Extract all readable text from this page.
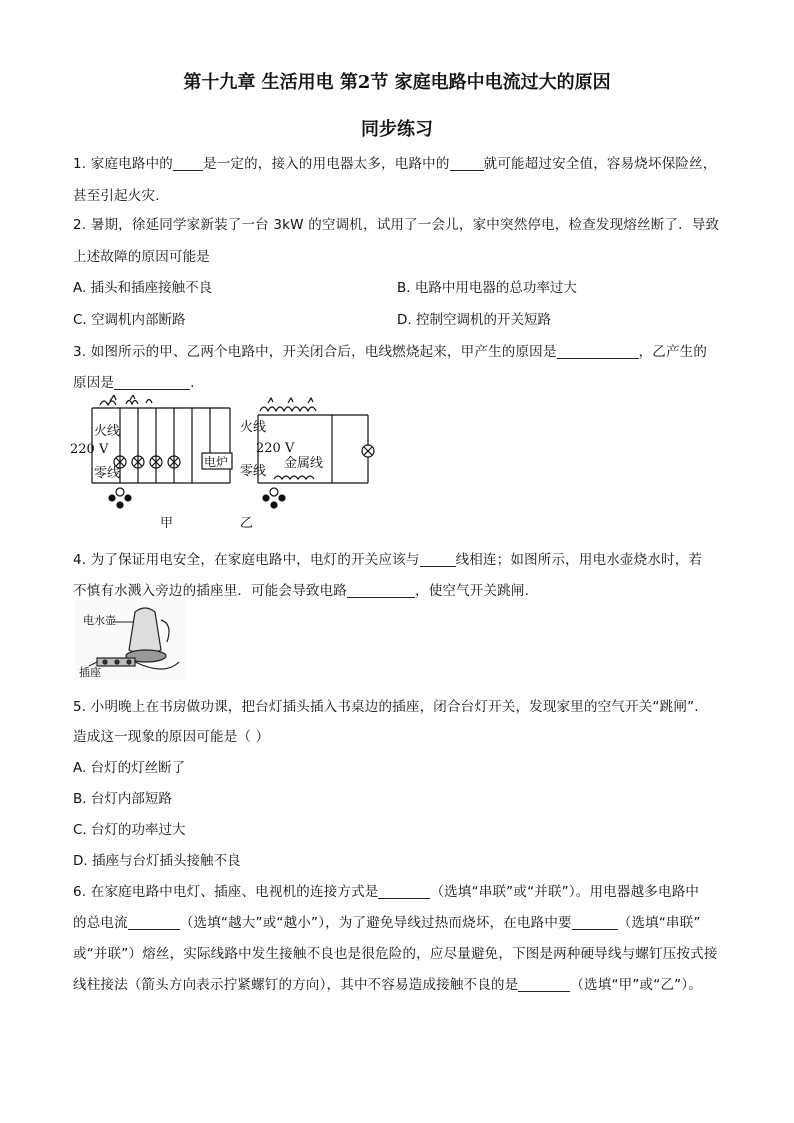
第十九章 生活用电 第2节 家庭电路中电流过大的原因
同步练习
1. 家庭电路中的 是一定的，接入的用电器太多，电路中的	就可能超过安全值，容易烧坏保险丝，
甚至引起火灾.
2. 暑期，徐延同学家新装了一台 3kW 的空调机，试用了一会儿，家中突然停电，检查发现熔丝断了．导致
上述故障的原因可能是
A. 插头和插座接触不良	B. 电路中用电器的总功率过大
C. 空调机内部断路	D. 控制空调机的开关短路
3. 如图所示的甲、乙两个电路中，开关闭合后，电线燃烧起来，甲产生的原因是	，乙产生的
原因是	.
220 V
火线
零线
电炉
甲
火线
220 V
零线
金属线
乙
4. 为了保证用电安全，在家庭电路中，电灯的开关应该与	线相连；如图所示，用电水壶烧水时，若
不慎有水溅入旁边的插座里．可能会导致电路	，使空气开关跳闸.
电水壶
插座
5. 小明晚上在书房做功课，把台灯插头插入书桌边的插座，闭合台灯开关，发现家里的空气开关“跳闸”.
造成这一现象的原因可能是（ ）
A. 台灯的灯丝断了
B. 台灯内部短路
C. 台灯的功率过大
D. 插座与台灯插头接触不良
6. 在家庭电路中电灯、插座、电视机的连接方式是	（选填“串联”或“并联”）。用电器越多电路中
的总电流	（选填“越大”或“越小”），为了避免导线过热而烧坏，在电路中要	（选填“串联”
或“并联”）熔丝，实际线路中发生接触不良也是很危险的，应尽量避免，下图是两种硬导线与螺钉压按式接
线柱接法（箭头方向表示拧紧螺钉的方向），其中不容易造成接触不良的是	（选填“甲”或“乙”）。
